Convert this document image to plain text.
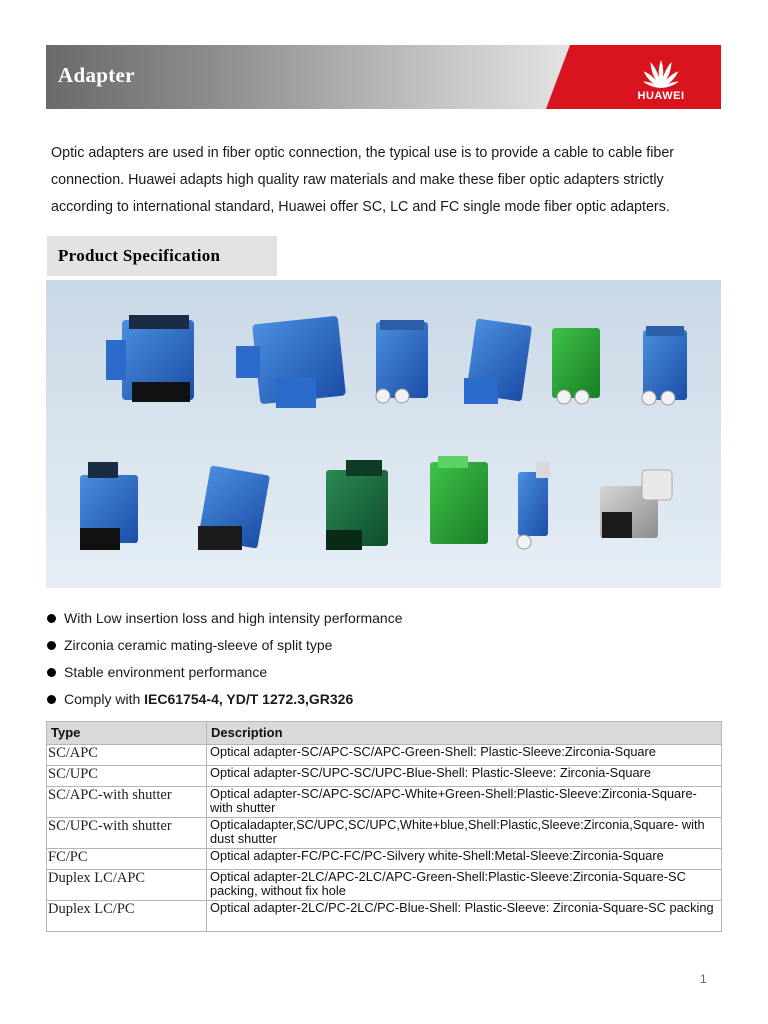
Adapter
HUAWEI
Optic adapters are used in fiber optic connection, the typical use is to provide a cable to cable fiber connection. Huawei adapts high quality raw materials and make these fiber optic adapters strictly according to international standard, Huawei offer SC, LC and FC single mode fiber optic adapters.
Product Specification
With Low insertion loss and high intensity performance
Zirconia ceramic mating-sleeve of split type
Stable environment performance
Comply with IEC61754-4, YD/T 1272.3,GR326
Type	Description
SC/APC	Optical adapter-SC/APC-SC/APC-Green-Shell: Plastic-Sleeve:Zirconia-Square
SC/UPC	Optical adapter-SC/UPC-SC/UPC-Blue-Shell: Plastic-Sleeve: Zirconia-Square
SC/APC-with shutter	Optical adapter-SC/APC-SC/APC-White+Green-Shell:Plastic-Sleeve:Zirconia-Square-with shutter
SC/UPC-with shutter	Opticaladapter,SC/UPC,SC/UPC,White+blue,Shell:Plastic,Sleeve:Zirconia,Square- with dust shutter
FC/PC	Optical adapter-FC/PC-FC/PC-Silvery white-Shell:Metal-Sleeve:Zirconia-Square
Duplex LC/APC	Optical adapter-2LC/APC-2LC/APC-Green-Shell:Plastic-Sleeve:Zirconia-Square-SC packing, without fix hole
Duplex LC/PC	Optical adapter-2LC/PC-2LC/PC-Blue-Shell: Plastic-Sleeve: Zirconia-Square-SC packing
1
